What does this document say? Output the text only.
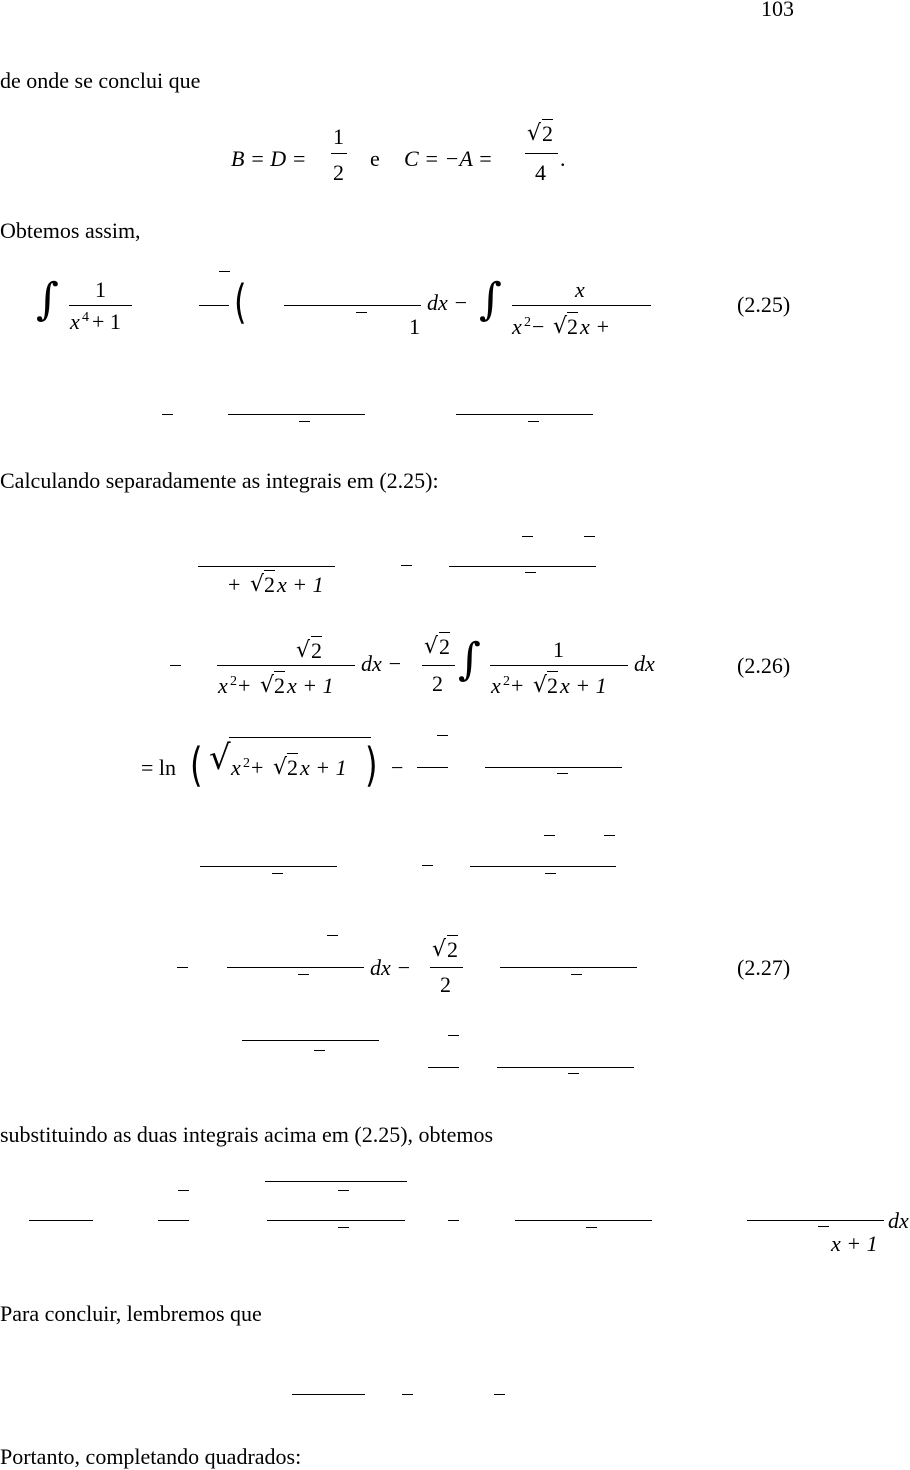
103
de onde se conclui que
B = D =
1
2
e C = −A =
√ 2
4
.
Obtemos assim,
∫ 1
x 4 + 1 (	1
dx − ∫	x
x 2 − √ 2 x +
(2.25)
Calculando separadamente as integrais em (2.25):
+ √ 2 x + 1
√ 2
x 2 + √ 2 x + 1
dx −
√ 2
2 ∫	1
x 2 + √ 2 x + 1
dx	(2.26)
= ln ( √ x 2 + √ 2 x + 1 ) −
dx −
√ 2
2
(2.27)
substituindo as duas integrais acima em (2.25), obtemos
x + 1
dx
Para concluir, lembremos que
Portanto, completando quadrados:
